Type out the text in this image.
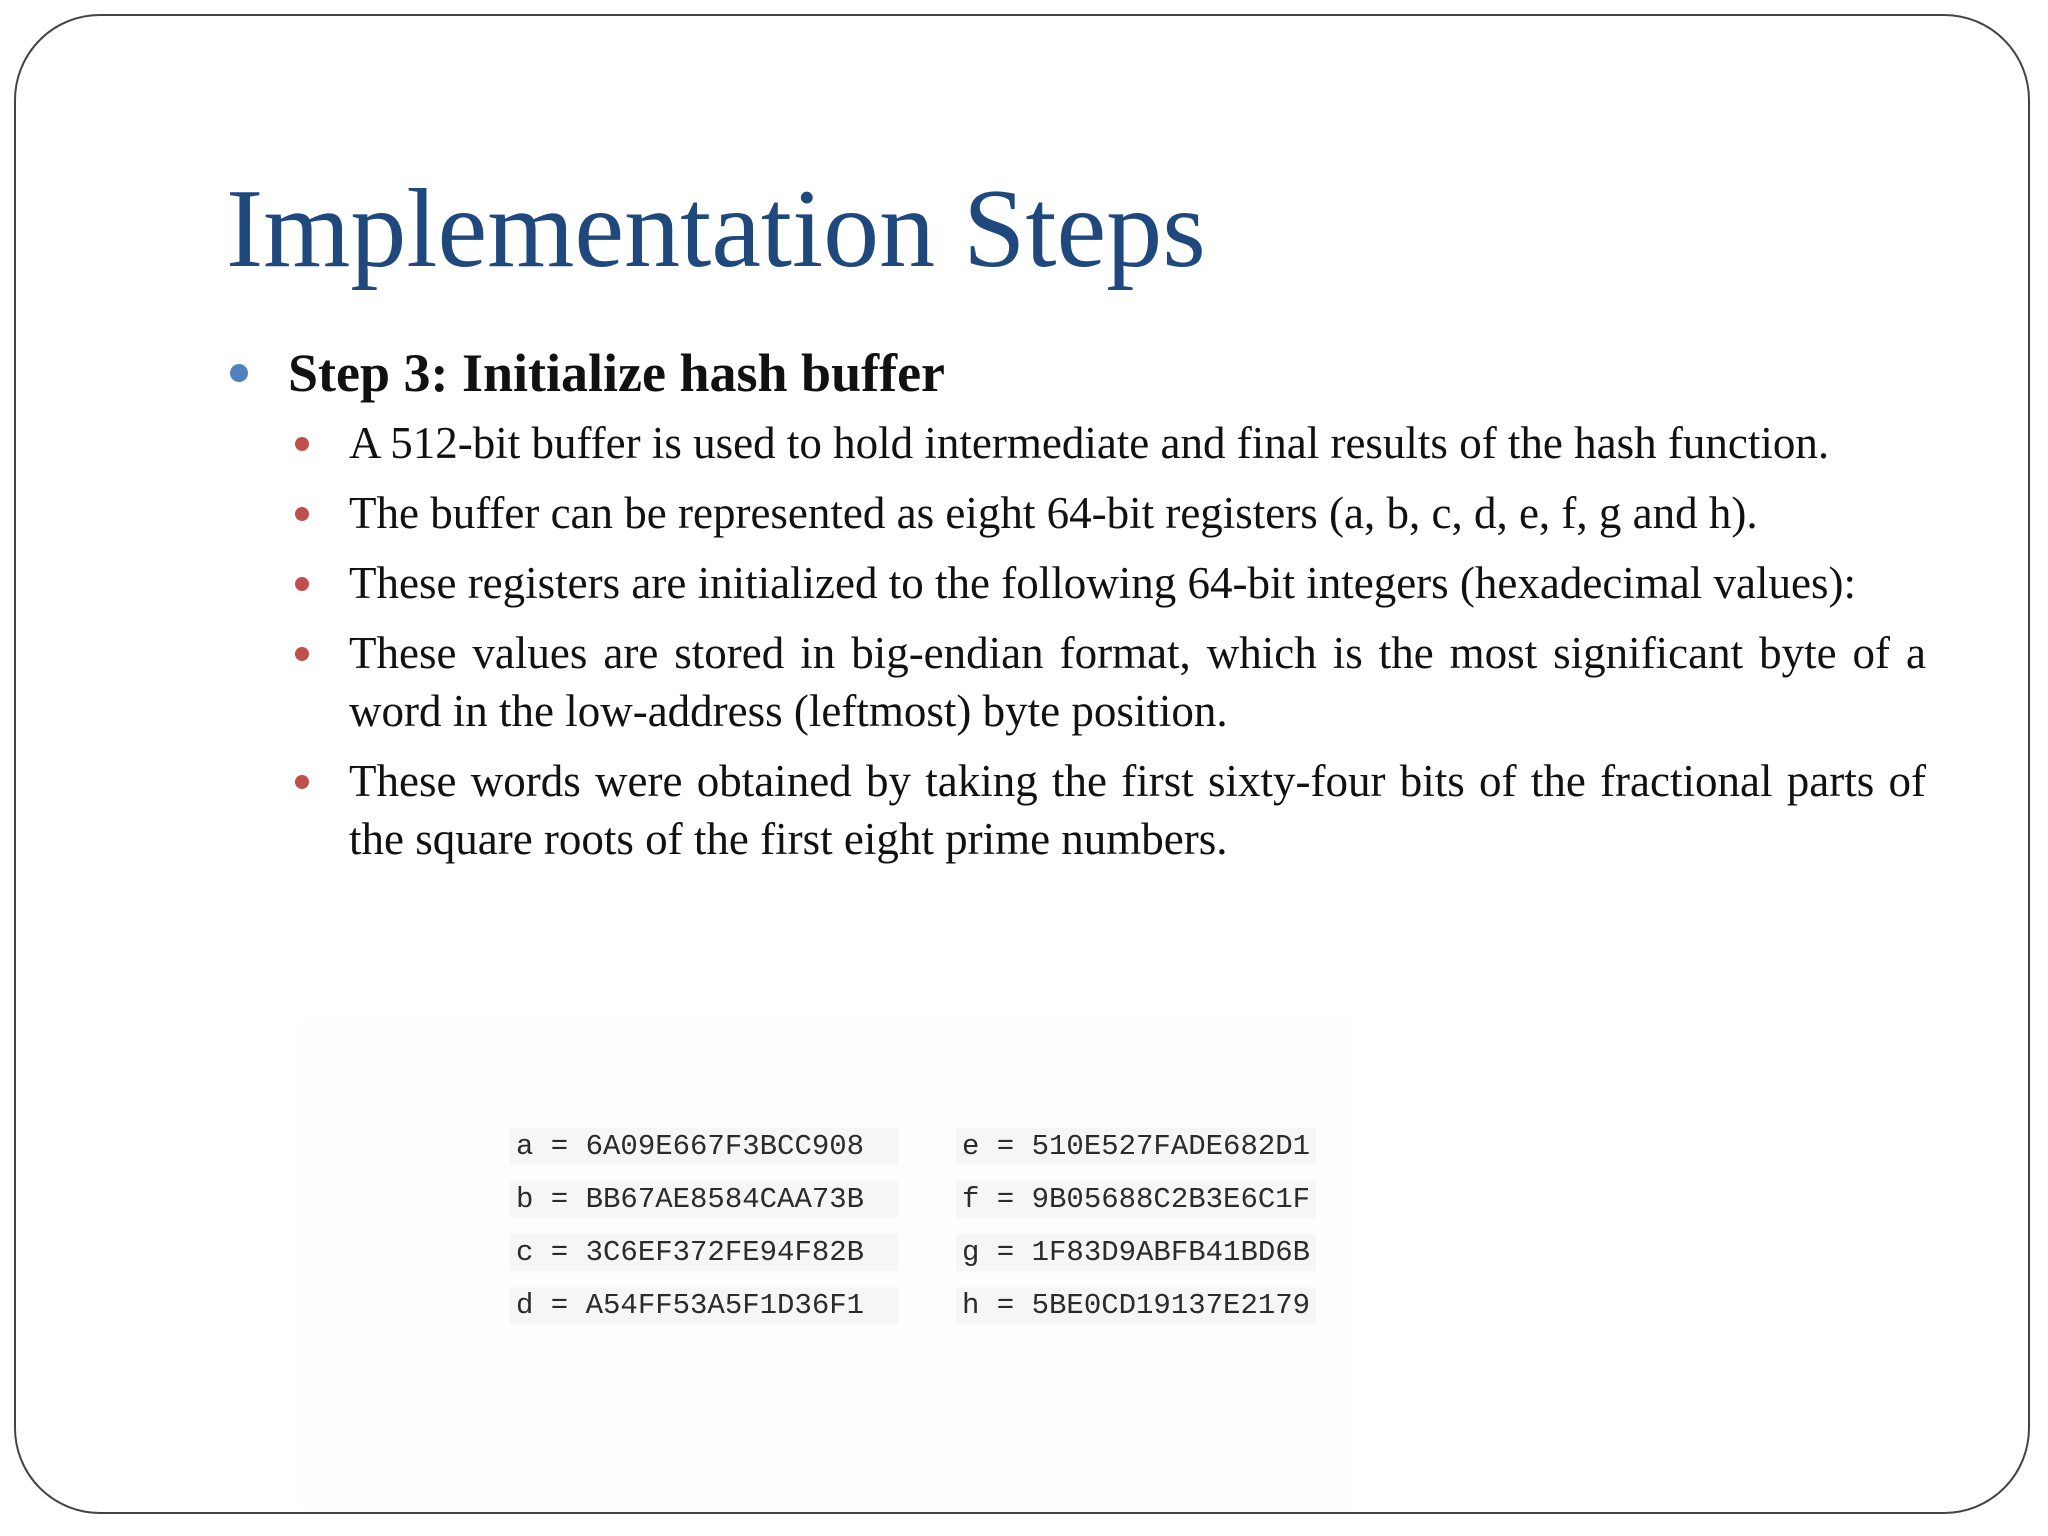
Implementation Steps
Step 3: Initialize hash buffer
A 512-bit buffer is used to hold intermediate and final results of the hash function.
The buffer can be represented as eight 64-bit registers (a, b, c, d, e, f, g and h).
These registers are initialized to the following 64-bit integers (hexadecimal values):
These values are stored in big-endian format, which is the most significant byte of a word in the low-address (leftmost) byte position.
These words were obtained by taking the first sixty-four bits of the fractional parts of the square roots of the first eight prime numbers.
a = 6A09E667F3BCC908	e = 510E527FADE682D1
b = BB67AE8584CAA73B	f = 9B05688C2B3E6C1F
c = 3C6EF372FE94F82B	g = 1F83D9ABFB41BD6B
d = A54FF53A5F1D36F1	h = 5BE0CD19137E2179
